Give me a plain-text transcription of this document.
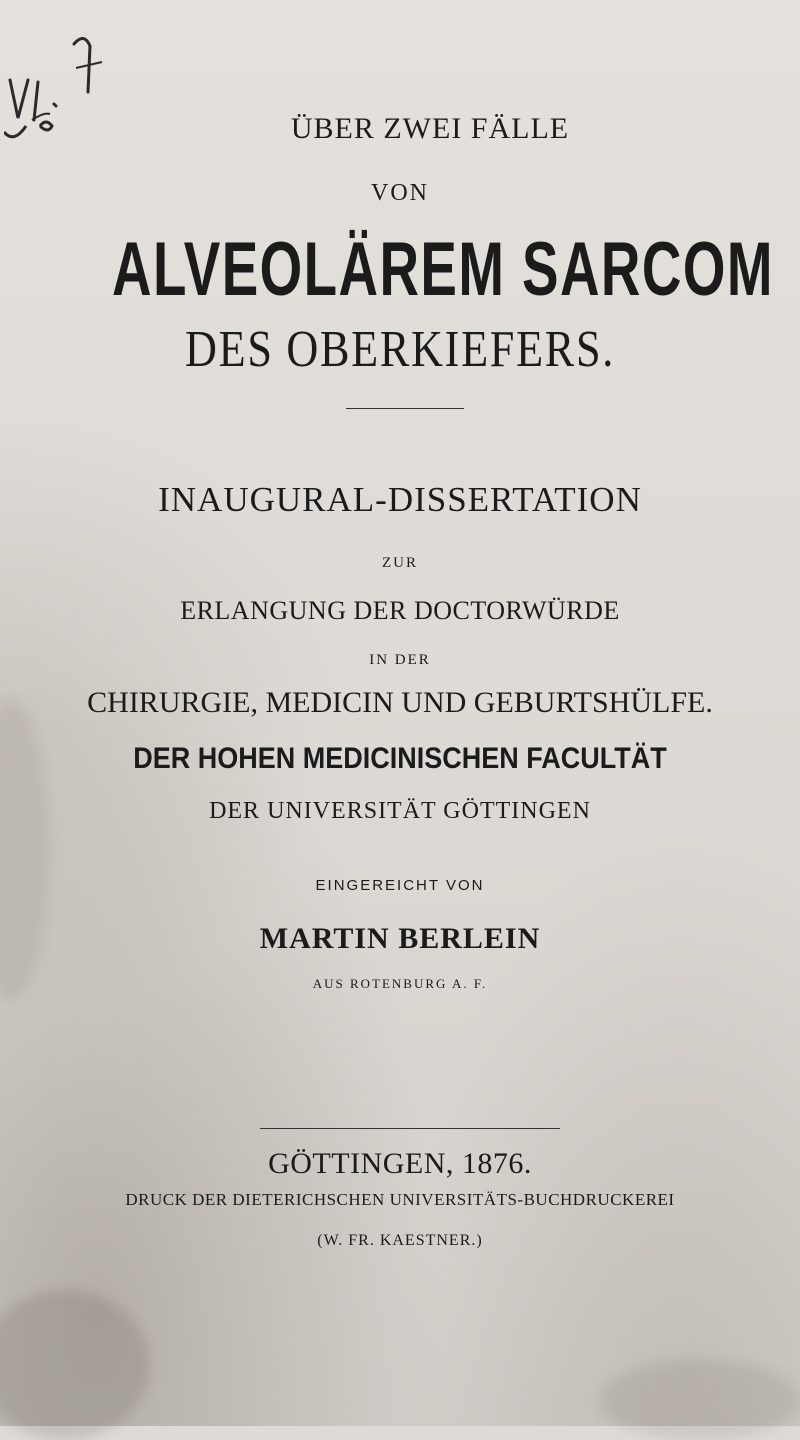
ÜBER ZWEI FÄLLE
VON
ALVEOLÄREM SARCOM
DES OBERKIEFERS.
INAUGURAL-DISSERTATION
ZUR
ERLANGUNG DER DOCTORWÜRDE
IN DER
CHIRURGIE, MEDICIN UND GEBURTSHÜLFE.
DER HOHEN MEDICINISCHEN FACULTÄT
DER UNIVERSITÄT GÖTTINGEN
EINGEREICHT VON
MARTIN BERLEIN
AUS ROTENBURG A. F.
GÖTTINGEN, 1876.
DRUCK DER DIETERICHSCHEN UNIVERSITÄTS-BUCHDRUCKEREI
(W. FR. KAESTNER.)
